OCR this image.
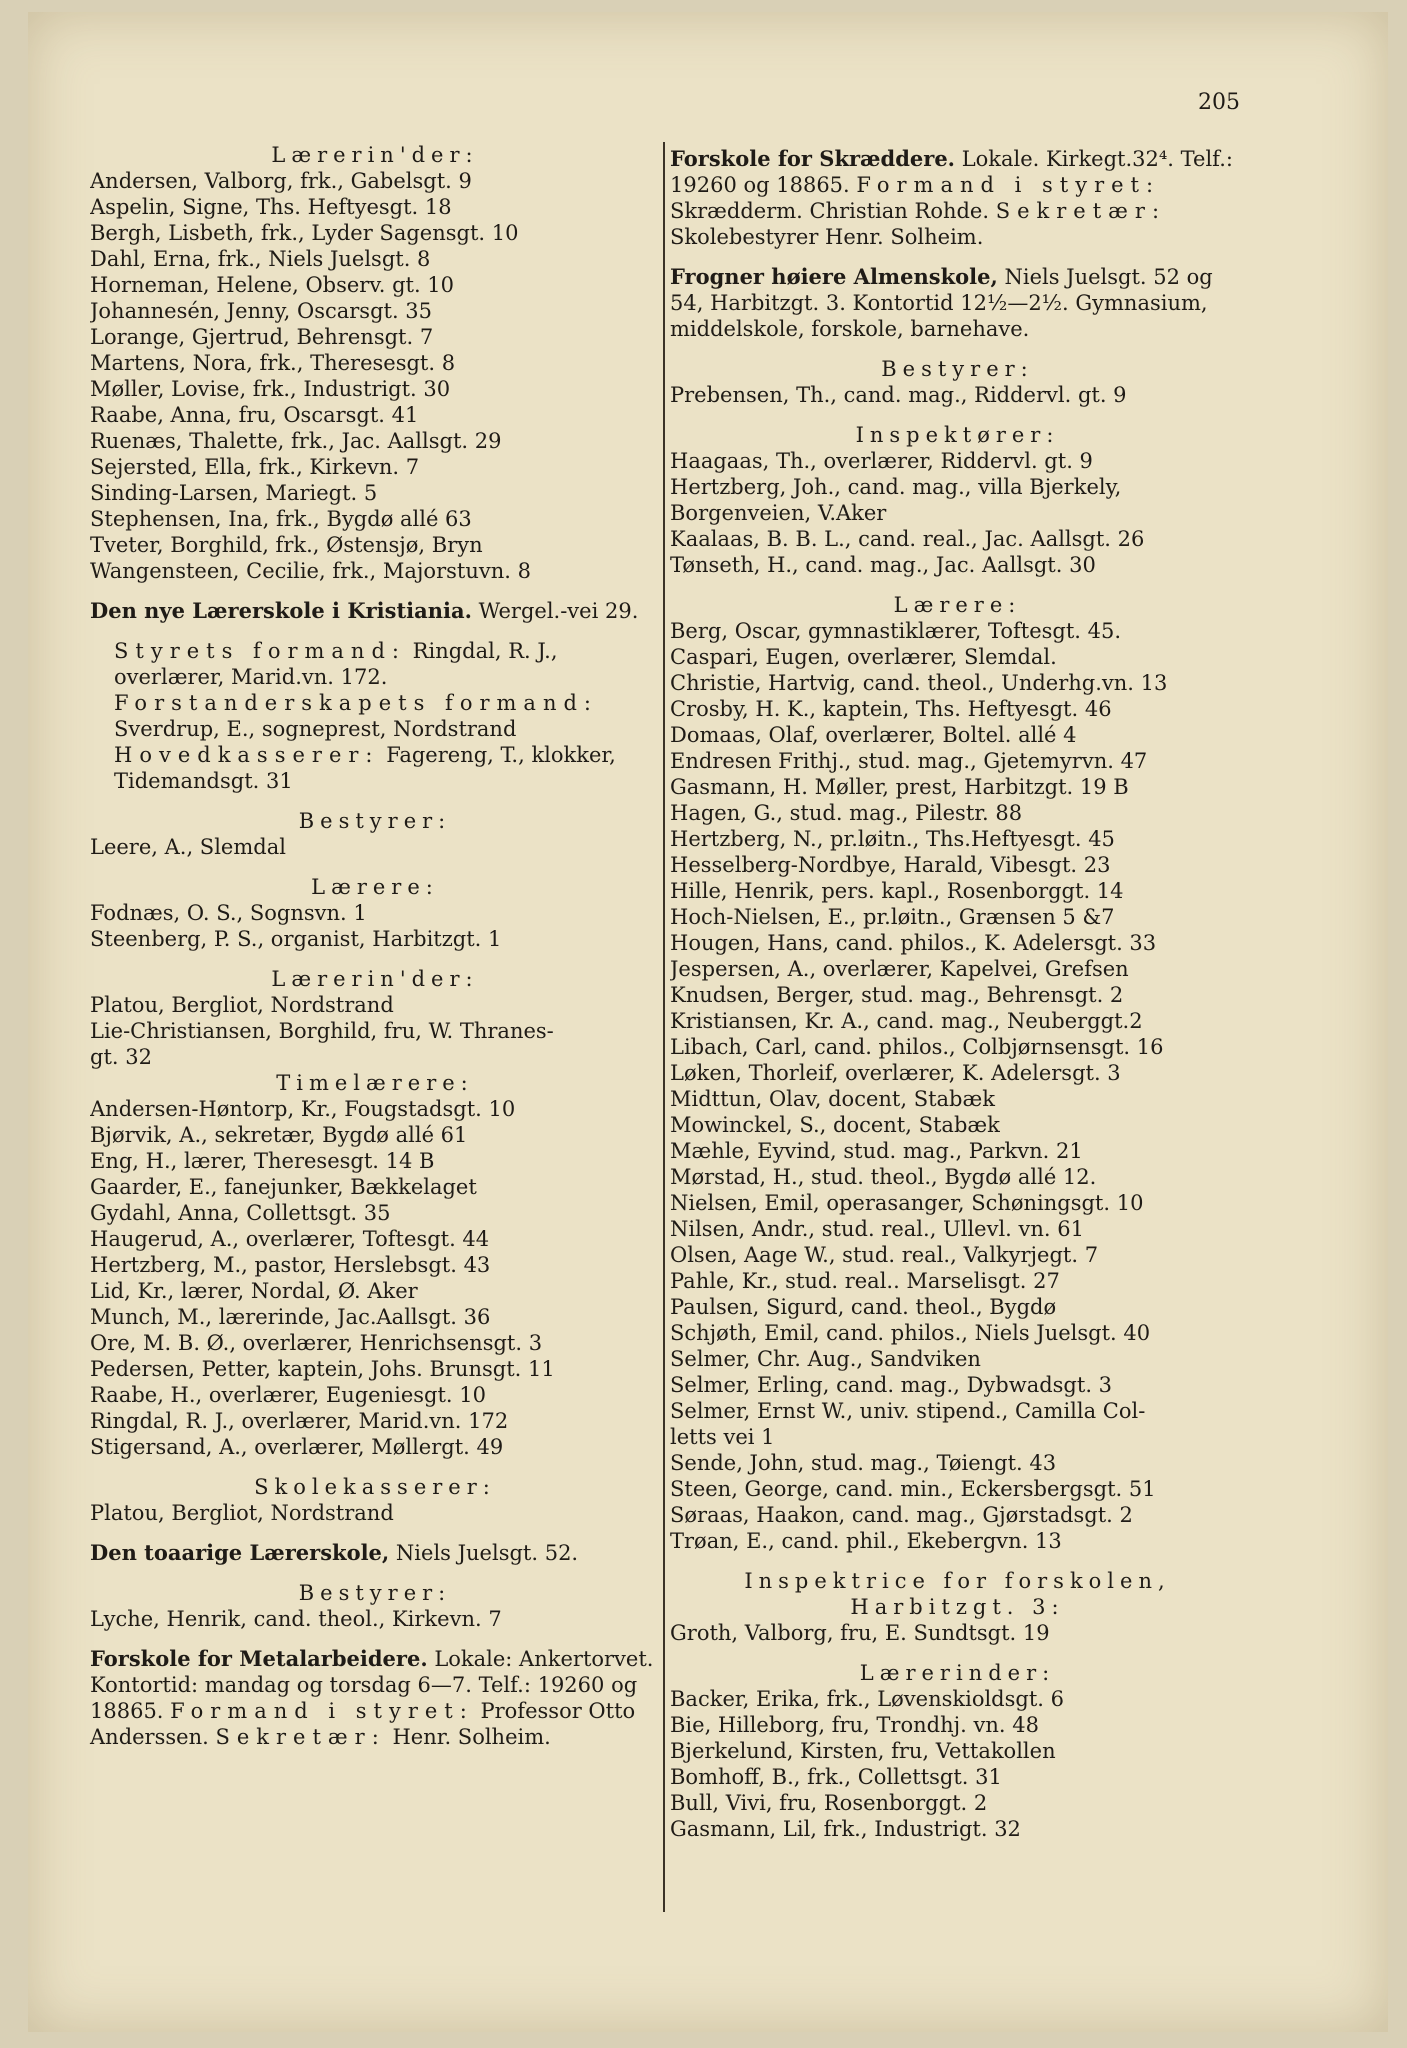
205

Lærerin'der:

Andersen, Valborg, frk., Gabelsgt. 9

Aspelin, Signe, Ths. Heftyesgt. 18

Bergh, Lisbeth, frk., Lyder Sagensgt. 10

Dahl, Erna, frk., Niels Juelsgt. 8

Horneman, Helene, Observ. gt. 10

Johannesén, Jenny, Oscarsgt. 35

Lorange, Gjertrud, Behrensgt. 7

Martens, Nora, frk., Theresesgt. 8

Møller, Lovise, frk., Industrigt. 30

Raabe, Anna, fru, Oscarsgt. 41

Ruenæs, Thalette, frk., Jac. Aallsgt. 29

Sejersted, Ella, frk., Kirkevn. 7

Sinding-Larsen, Mariegt. 5

Stephensen, Ina, frk., Bygdø allé 63

Tveter, Borghild, frk., Østensjø, Bryn

Wangensteen, Cecilie, frk., Majorstuvn. 8

Den nye Lærerskole i Kristiania. Wergel.-vei 29.

Styrets formand: Ringdal, R. J., overlærer, Marid.vn. 172.

Forstanderskapets formand: Sverdrup, E., sogneprest, Nordstrand

Hovedkasserer: Fagereng, T., klokker, Tidemandsgt. 31

Bestyrer:

Leere, A., Slemdal

Lærere:

Fodnæs, O. S., Sognsvn. 1

Steenberg, P. S., organist, Harbitzgt. 1

Lærerin'der:

Platou, Bergliot, Nordstrand

Lie-Christiansen, Borghild, fru, W. Thranes-

gt. 32

Timelærere:

Andersen-Høntorp, Kr., Fougstadsgt. 10

Bjørvik, A., sekretær, Bygdø allé 61

Eng, H., lærer, Theresesgt. 14 B

Gaarder, E., fanejunker, Bækkelaget

Gydahl, Anna, Collettsgt. 35

Haugerud, A., overlærer, Toftesgt. 44

Hertzberg, M., pastor, Herslebsgt. 43

Lid, Kr., lærer, Nordal, Ø. Aker

Munch, M., lærerinde, Jac.Aallsgt. 36

Ore, M. B. Ø., overlærer, Henrichsensgt. 3

Pedersen, Petter, kaptein, Johs. Brunsgt. 11

Raabe, H., overlærer, Eugeniesgt. 10

Ringdal, R. J., overlærer, Marid.vn. 172

Stigersand, A., overlærer, Møllergt. 49

Skolekasserer:

Platou, Bergliot, Nordstrand

Den toaarige Lærerskole, Niels Juelsgt. 52.

Bestyrer:

Lyche, Henrik, cand. theol., Kirkevn. 7

Forskole for Metalarbeidere. Lokale: Ankertorvet. Kontortid: mandag og torsdag 6—7. Telf.: 19260 og 18865. Formand i styret: Professor Otto Anderssen. Sekretær: Henr. Solheim.

Forskole for Skræddere. Lokale. Kirkegt.32⁴. Telf.: 19260 og 18865. Formand i styret: Skrædderm. Christian Rohde. Sekretær: Skolebestyrer Henr. Solheim.

Frogner høiere Almenskole, Niels Juelsgt. 52 og 54, Harbitzgt. 3. Kontortid 12½—2½. Gymnasium, middelskole, forskole, barnehave.

Bestyrer:

Prebensen, Th., cand. mag., Riddervl. gt. 9

Inspektører:

Haagaas, Th., overlærer, Riddervl. gt. 9

Hertzberg, Joh., cand. mag., villa Bjerkely,

Borgenveien, V.Aker

Kaalaas, B. B. L., cand. real., Jac. Aallsgt. 26

Tønseth, H., cand. mag., Jac. Aallsgt. 30

Lærere:

Berg, Oscar, gymnastiklærer, Toftesgt. 45.

Caspari, Eugen, overlærer, Slemdal.

Christie, Hartvig, cand. theol., Underhg.vn. 13

Crosby, H. K., kaptein, Ths. Heftyesgt. 46

Domaas, Olaf, overlærer, Boltel. allé 4

Endresen Frithj., stud. mag., Gjetemyrvn. 47

Gasmann, H. Møller, prest, Harbitzgt. 19 B

Hagen, G., stud. mag., Pilestr. 88

Hertzberg, N., pr.løitn., Ths.Heftyesgt. 45

Hesselberg-Nordbye, Harald, Vibesgt. 23

Hille, Henrik, pers. kapl., Rosenborggt. 14

Hoch-Nielsen, E., pr.løitn., Grænsen 5 &7

Hougen, Hans, cand. philos., K. Adelersgt. 33

Jespersen, A., overlærer, Kapelvei, Grefsen

Knudsen, Berger, stud. mag., Behrensgt. 2

Kristiansen, Kr. A., cand. mag., Neuberggt.2

Libach, Carl, cand. philos., Colbjørnsensgt. 16

Løken, Thorleif, overlærer, K. Adelersgt. 3

Midttun, Olav, docent, Stabæk

Mowinckel, S., docent, Stabæk

Mæhle, Eyvind, stud. mag., Parkvn. 21

Mørstad, H., stud. theol., Bygdø allé 12.

Nielsen, Emil, operasanger, Schøningsgt. 10

Nilsen, Andr., stud. real., Ullevl. vn. 61

Olsen, Aage W., stud. real., Valkyrjegt. 7

Pahle, Kr., stud. real.. Marselisgt. 27

Paulsen, Sigurd, cand. theol., Bygdø

Schjøth, Emil, cand. philos., Niels Juelsgt. 40

Selmer, Chr. Aug., Sandviken

Selmer, Erling, cand. mag., Dybwadsgt. 3

Selmer, Ernst W., univ. stipend., Camilla Col-

letts vei 1

Sende, John, stud. mag., Tøiengt. 43

Steen, George, cand. min., Eckersbergsgt. 51

Søraas, Haakon, cand. mag., Gjørstadsgt. 2

Trøan, E., cand. phil., Ekebergvn. 13

Inspektrice for forskolen,

Harbitzgt. 3:

Groth, Valborg, fru, E. Sundtsgt. 19

Lærerinder:

Backer, Erika, frk., Løvenskioldsgt. 6

Bie, Hilleborg, fru, Trondhj. vn. 48

Bjerkelund, Kirsten, fru, Vettakollen

Bomhoff, B., frk., Collettsgt. 31

Bull, Vivi, fru, Rosenborggt. 2

Gasmann, Lil, frk., Industrigt. 32
